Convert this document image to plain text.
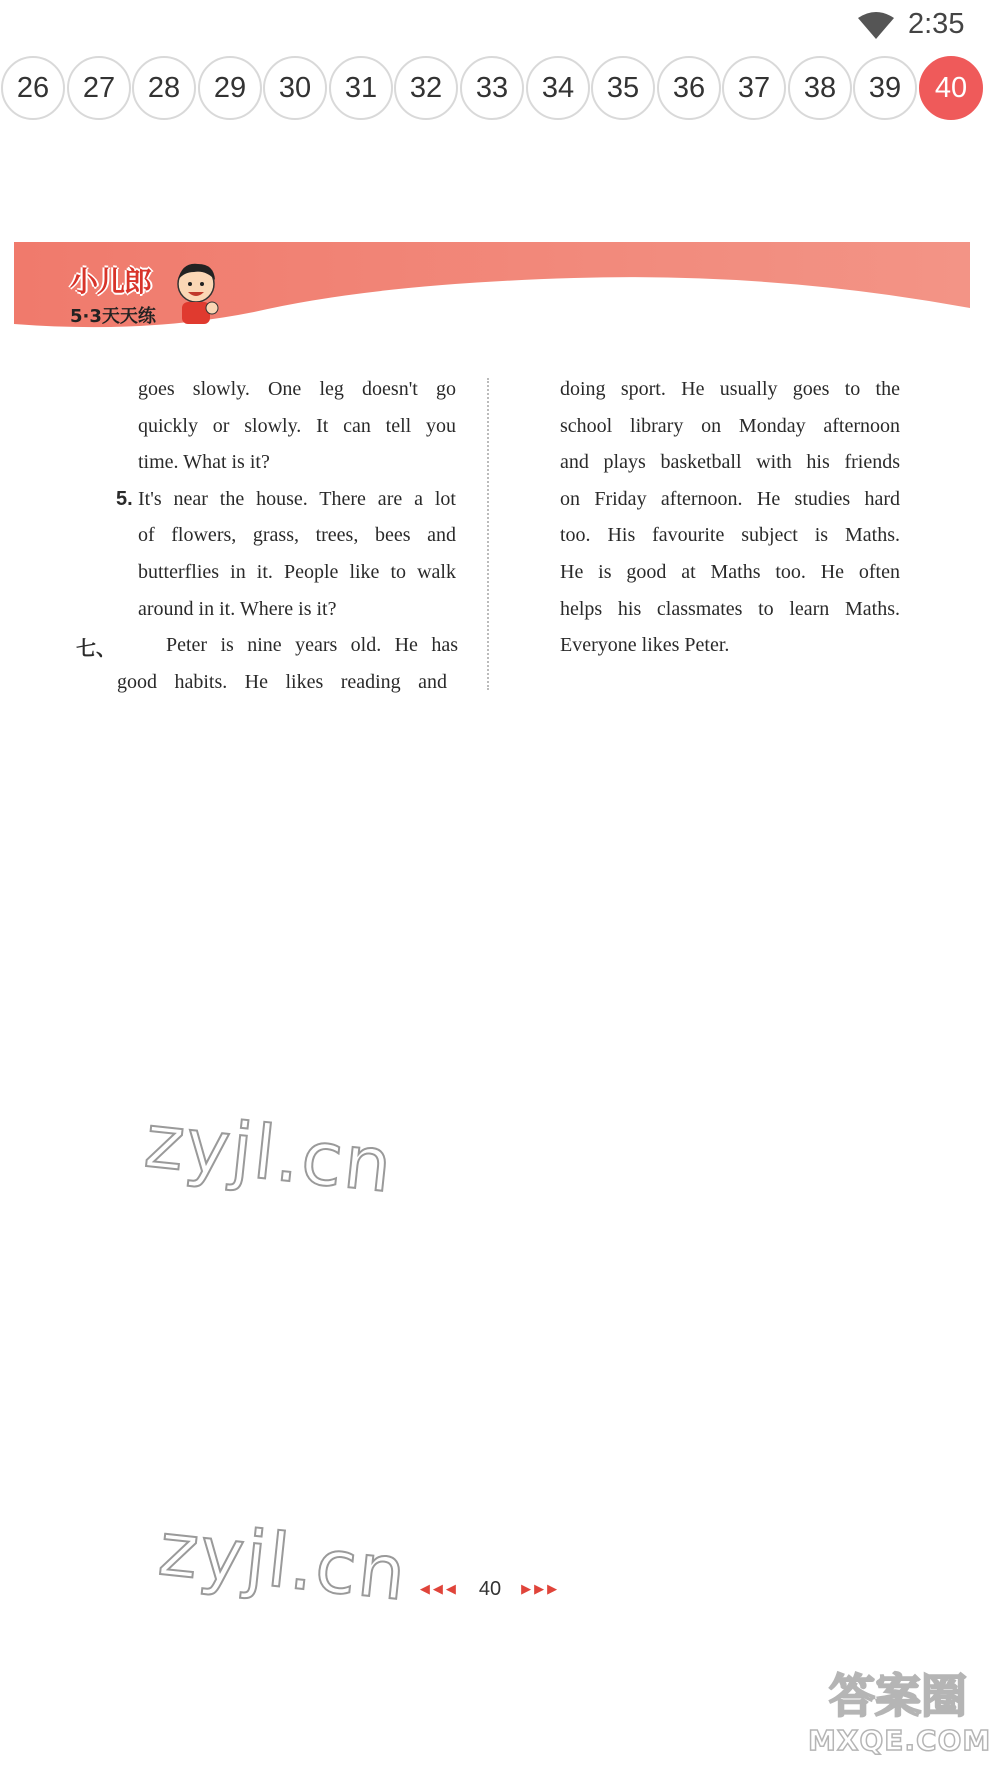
2:35
26	27	28	29	30	31	32	33	34	35	36	37	38	39	40
小儿郎
5·3天天练

goes slowly. One leg doesn't go

quickly or slowly. It can tell you

time. What is it?

It's near the house. There are a lot
5.

of flowers, grass, trees, bees and

butterflies in it. People like to walk

around in it. Where is it?

Peter is nine years old. He has

good habits. He likes reading and

七、

doing sport. He usually goes to the

school library on Monday afternoon

and plays basketball with his friends

on Friday afternoon. He studies hard

too. His favourite subject is Maths.

He is good at Maths too. He often

helps his classmates to learn Maths.

Everyone likes Peter.

zyjl.cn
zyjl.cn ◀◀◀ 40 ▶▶▶
答案圈
MXQE.COM
